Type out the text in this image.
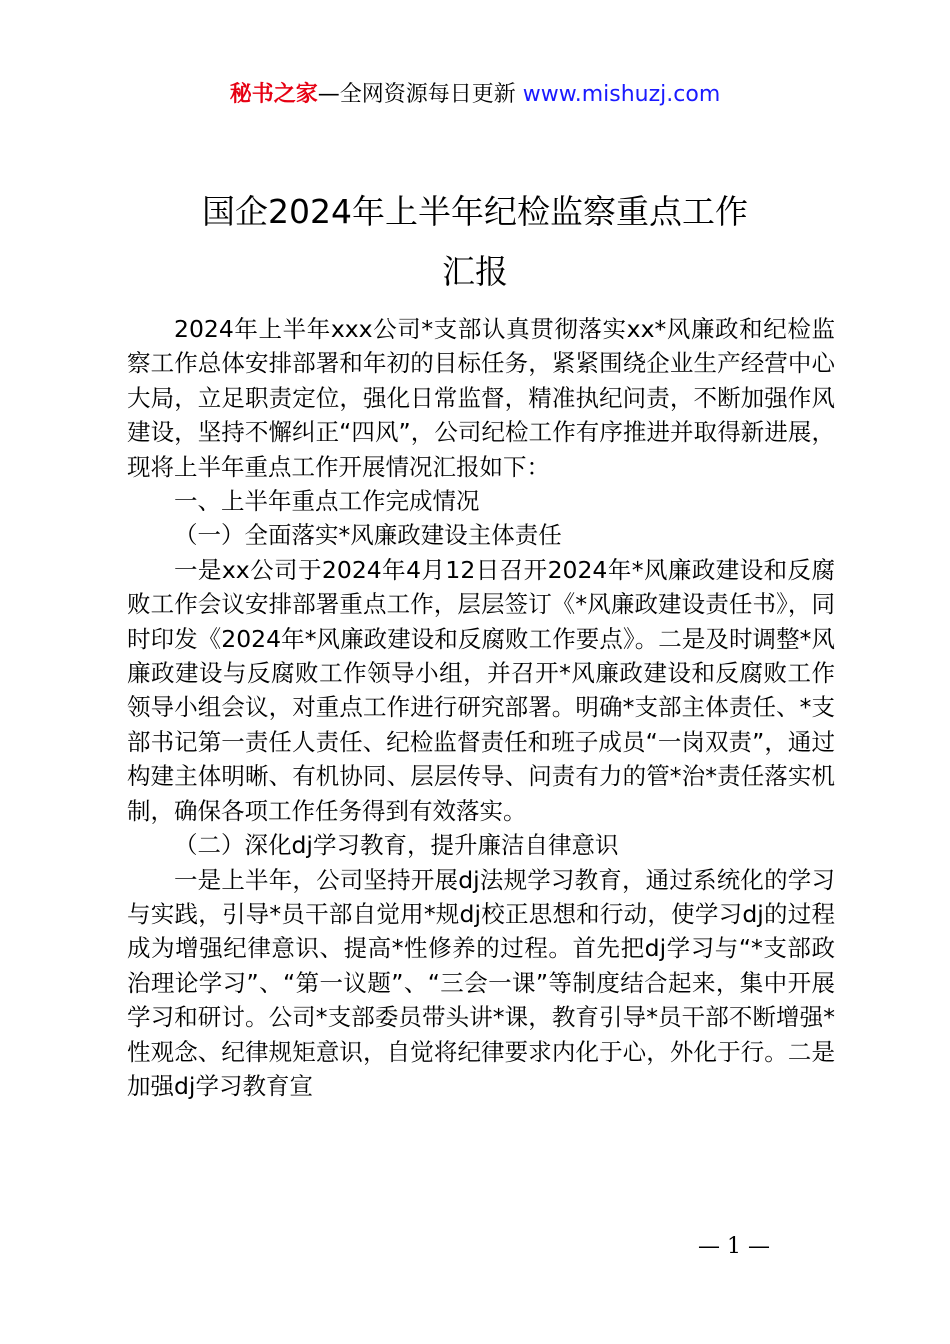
秘书之家—全网资源每日更新 www.mishuzj.com
国企2024年上半年纪检监察重点工作
汇报

2024年上半年xxx公司*支部认真贯彻落实xx*风廉政和纪检监察工作总体安排部署和年初的目标任务，紧紧围绕企业生产经营中心大局，立足职责定位，强化日常监督，精准执纪问责，不断加强作风建设，坚持不懈纠正“四风”，公司纪检工作有序推进并取得新进展，现将上半年重点工作开展情况汇报如下：

一、上半年重点工作完成情况

（一）全面落实*风廉政建设主体责任

一是xx公司于2024年4月12日召开2024年*风廉政建设和反腐败工作会议安排部署重点工作，层层签订《*风廉政建设责任书》，同时印发《2024年*风廉政建设和反腐败工作要点》。二是及时调整*风廉政建设与反腐败工作领导小组，并召开*风廉政建设和反腐败工作领导小组会议，对重点工作进行研究部署。明确*支部主体责任、*支部书记第一责任人责任、纪检监督责任和班子成员“一岗双责”，通过构建主体明晰、有机协同、层层传导、问责有力的管*治*责任落实机制，确保各项工作任务得到有效落实。

（二）深化dj学习教育，提升廉洁自律意识

一是上半年，公司坚持开展dj法规学习教育，通过系统化的学习与实践，引导*员干部自觉用*规dj校正思想和行动，使学习dj的过程成为增强纪律意识、提高*性修养的过程。首先把dj学习与“*支部政治理论学习”、“第一议题”、“三会一课”等制度结合起来，集中开展学习和研讨。公司*支部委员带头讲*课，教育引导*员干部不断增强*性观念、纪律规矩意识，自觉将纪律要求内化于心，外化于行。二是加强dj学习教育宣

— 1 —
